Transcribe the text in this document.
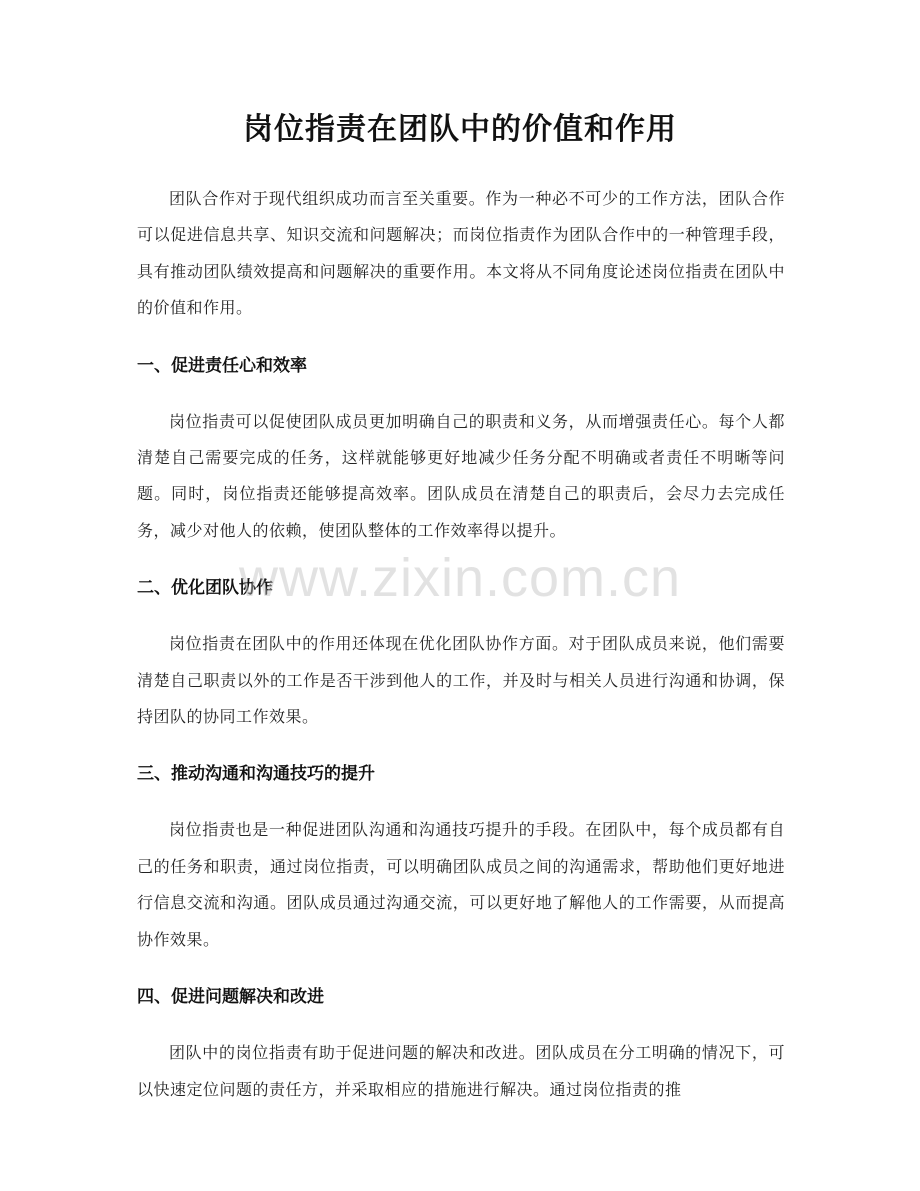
岗位指责在团队中的价值和作用

团队合作对于现代组织成功而言至关重要。作为一种必不可少的工作方法，团队合作可以促进信息共享、知识交流和问题解决；而岗位指责作为团队合作中的一种管理手段，具有推动团队绩效提高和问题解决的重要作用。本文将从不同角度论述岗位指责在团队中的价值和作用。

一、促进责任心和效率

岗位指责可以促使团队成员更加明确自己的职责和义务，从而增强责任心。每个人都清楚自己需要完成的任务，这样就能够更好地减少任务分配不明确或者责任不明晰等问题。同时，岗位指责还能够提高效率。团队成员在清楚自己的职责后，会尽力去完成任务，减少对他人的依赖，使团队整体的工作效率得以提升。

二、优化团队协作

岗位指责在团队中的作用还体现在优化团队协作方面。对于团队成员来说，他们需要清楚自己职责以外的工作是否干涉到他人的工作，并及时与相关人员进行沟通和协调，保持团队的协同工作效果。

三、推动沟通和沟通技巧的提升

岗位指责也是一种促进团队沟通和沟通技巧提升的手段。在团队中，每个成员都有自己的任务和职责，通过岗位指责，可以明确团队成员之间的沟通需求，帮助他们更好地进行信息交流和沟通。团队成员通过沟通交流，可以更好地了解他人的工作需要，从而提高协作效果。

四、促进问题解决和改进

团队中的岗位指责有助于促进问题的解决和改进。团队成员在分工明确的情况下，可以快速定位问题的责任方，并采取相应的措施进行解决。通过岗位指责的推

www.zixin.com.cn
